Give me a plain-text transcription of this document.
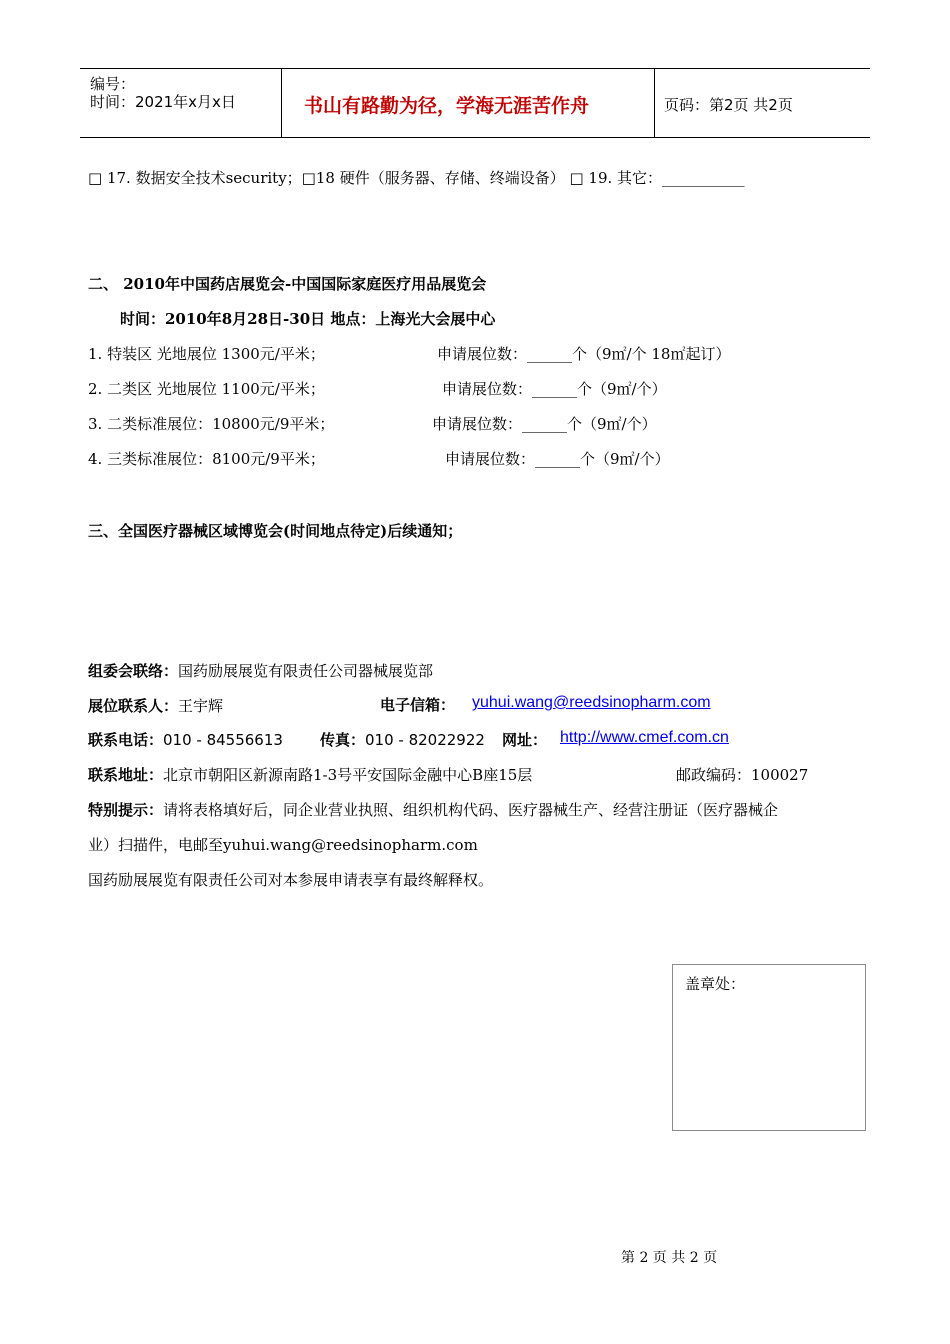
编号：
时间：2021年x月x日	书山有路勤为径，学海无涯苦作舟	页码：第2页 共2页
□ 17. 数据安全技术security；□18 硬件（服务器、存储、终端设备） □ 19. 其它：___________
二、 2010年中国药店展览会-中国国际家庭医疗用品展览会
时间：2010年8月28日-30日 地点：上海光大会展中心
1. 特装区 光地展位 1300元/平米；	申请展位数：______个（9㎡/个 18㎡起订）
2. 二类区 光地展位 1100元/平米；	申请展位数：______个（9㎡/个）
3. 二类标准展位：10800元/9平米；	申请展位数：______个（9㎡/个）
4. 三类标准展位：8100元/9平米；	申请展位数：______个（9㎡/个）
三、全国医疗器械区域博览会(时间地点待定)后续通知；
组委会联络：国药励展展览有限责任公司器械展览部
展位联系人：王宇辉	电子信箱： yuhui.wang@reedsinopharm.com
联系电话：010 - 84556613 传真：010 - 82022922 网址： http://www.cmef.com.cn
联系地址：北京市朝阳区新源南路1-3号平安国际金融中心B座15层	邮政编码：100027
特别提示：请将表格填好后，同企业营业执照、组织机构代码、医疗器械生产、经营注册证（医疗器械企
业）扫描件，电邮至yuhui.wang@reedsinopharm.com
国药励展展览有限责任公司对本参展申请表享有最终解释权。
盖章处：
第 2 页 共 2 页
